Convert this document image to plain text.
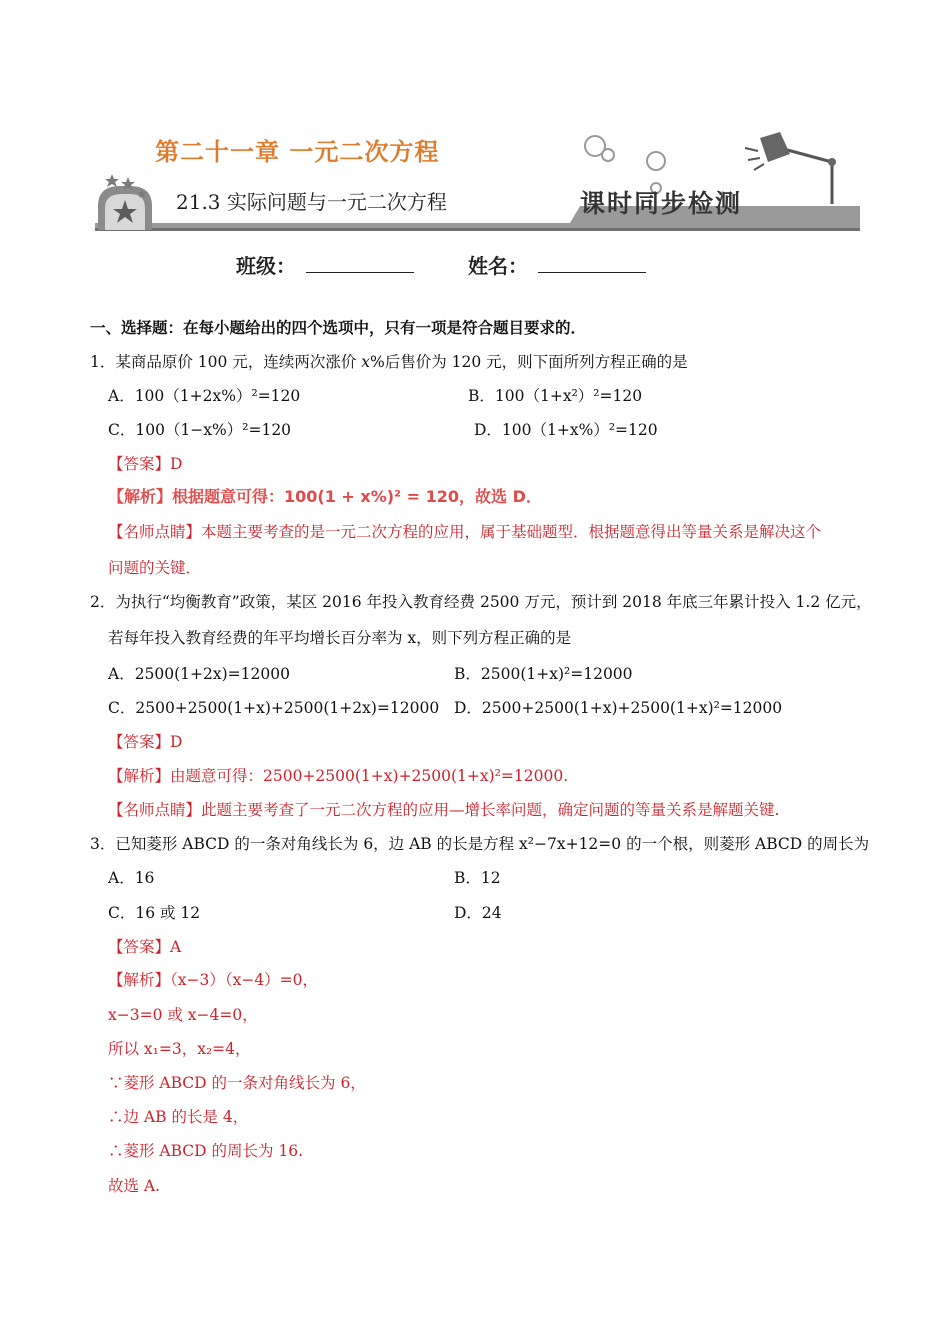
第二十一章 一元二次方程
21.3 实际问题与一元二次方程	课时同步检测
班级：	姓名：
一、选择题：在每小题给出的四个选项中，只有一项是符合题目要求的．
1．某商品原价 100 元，连续两次涨价 x%后售价为 120 元，则下面所列方程正确的是
A．100（1+2x%）²=120	B．100（1+x²）²=120
C．100（1−x%）²=120	D．100（1+x%）²=120
【答案】D
【解析】根据题意可得：100(1 + x%)² = 120，故选 D．
【名师点睛】本题主要考查的是一元二次方程的应用，属于基础题型．根据题意得出等量关系是解决这个
问题的关键．
2．为执行“均衡教育”政策，某区 2016 年投入教育经费 2500 万元，预计到 2018 年底三年累计投入 1.2 亿元，
若每年投入教育经费的年平均增长百分率为 x，则下列方程正确的是
A．2500(1+2x)=12000	B．2500(1+x)²=12000
C．2500+2500(1+x)+2500(1+2x)=12000 D．2500+2500(1+x)+2500(1+x)²=12000
【答案】D
【解析】由题意可得：2500+2500(1+x)+2500(1+x)²=12000.
【名师点睛】此题主要考查了一元二次方程的应用—增长率问题，确定问题的等量关系是解题关键.
3．已知菱形 ABCD 的一条对角线长为 6，边 AB 的长是方程 x²−7x+12=0 的一个根，则菱形 ABCD 的周长为
A．16	B．12
C．16 或 12	D．24
【答案】A
【解析】（x−3）（x−4）=0，
x−3=0 或 x−4=0，
所以 x₁=3，x₂=4，
∵菱形 ABCD 的一条对角线长为 6，
∴边 AB 的长是 4，
∴菱形 ABCD 的周长为 16.
故选 A.
